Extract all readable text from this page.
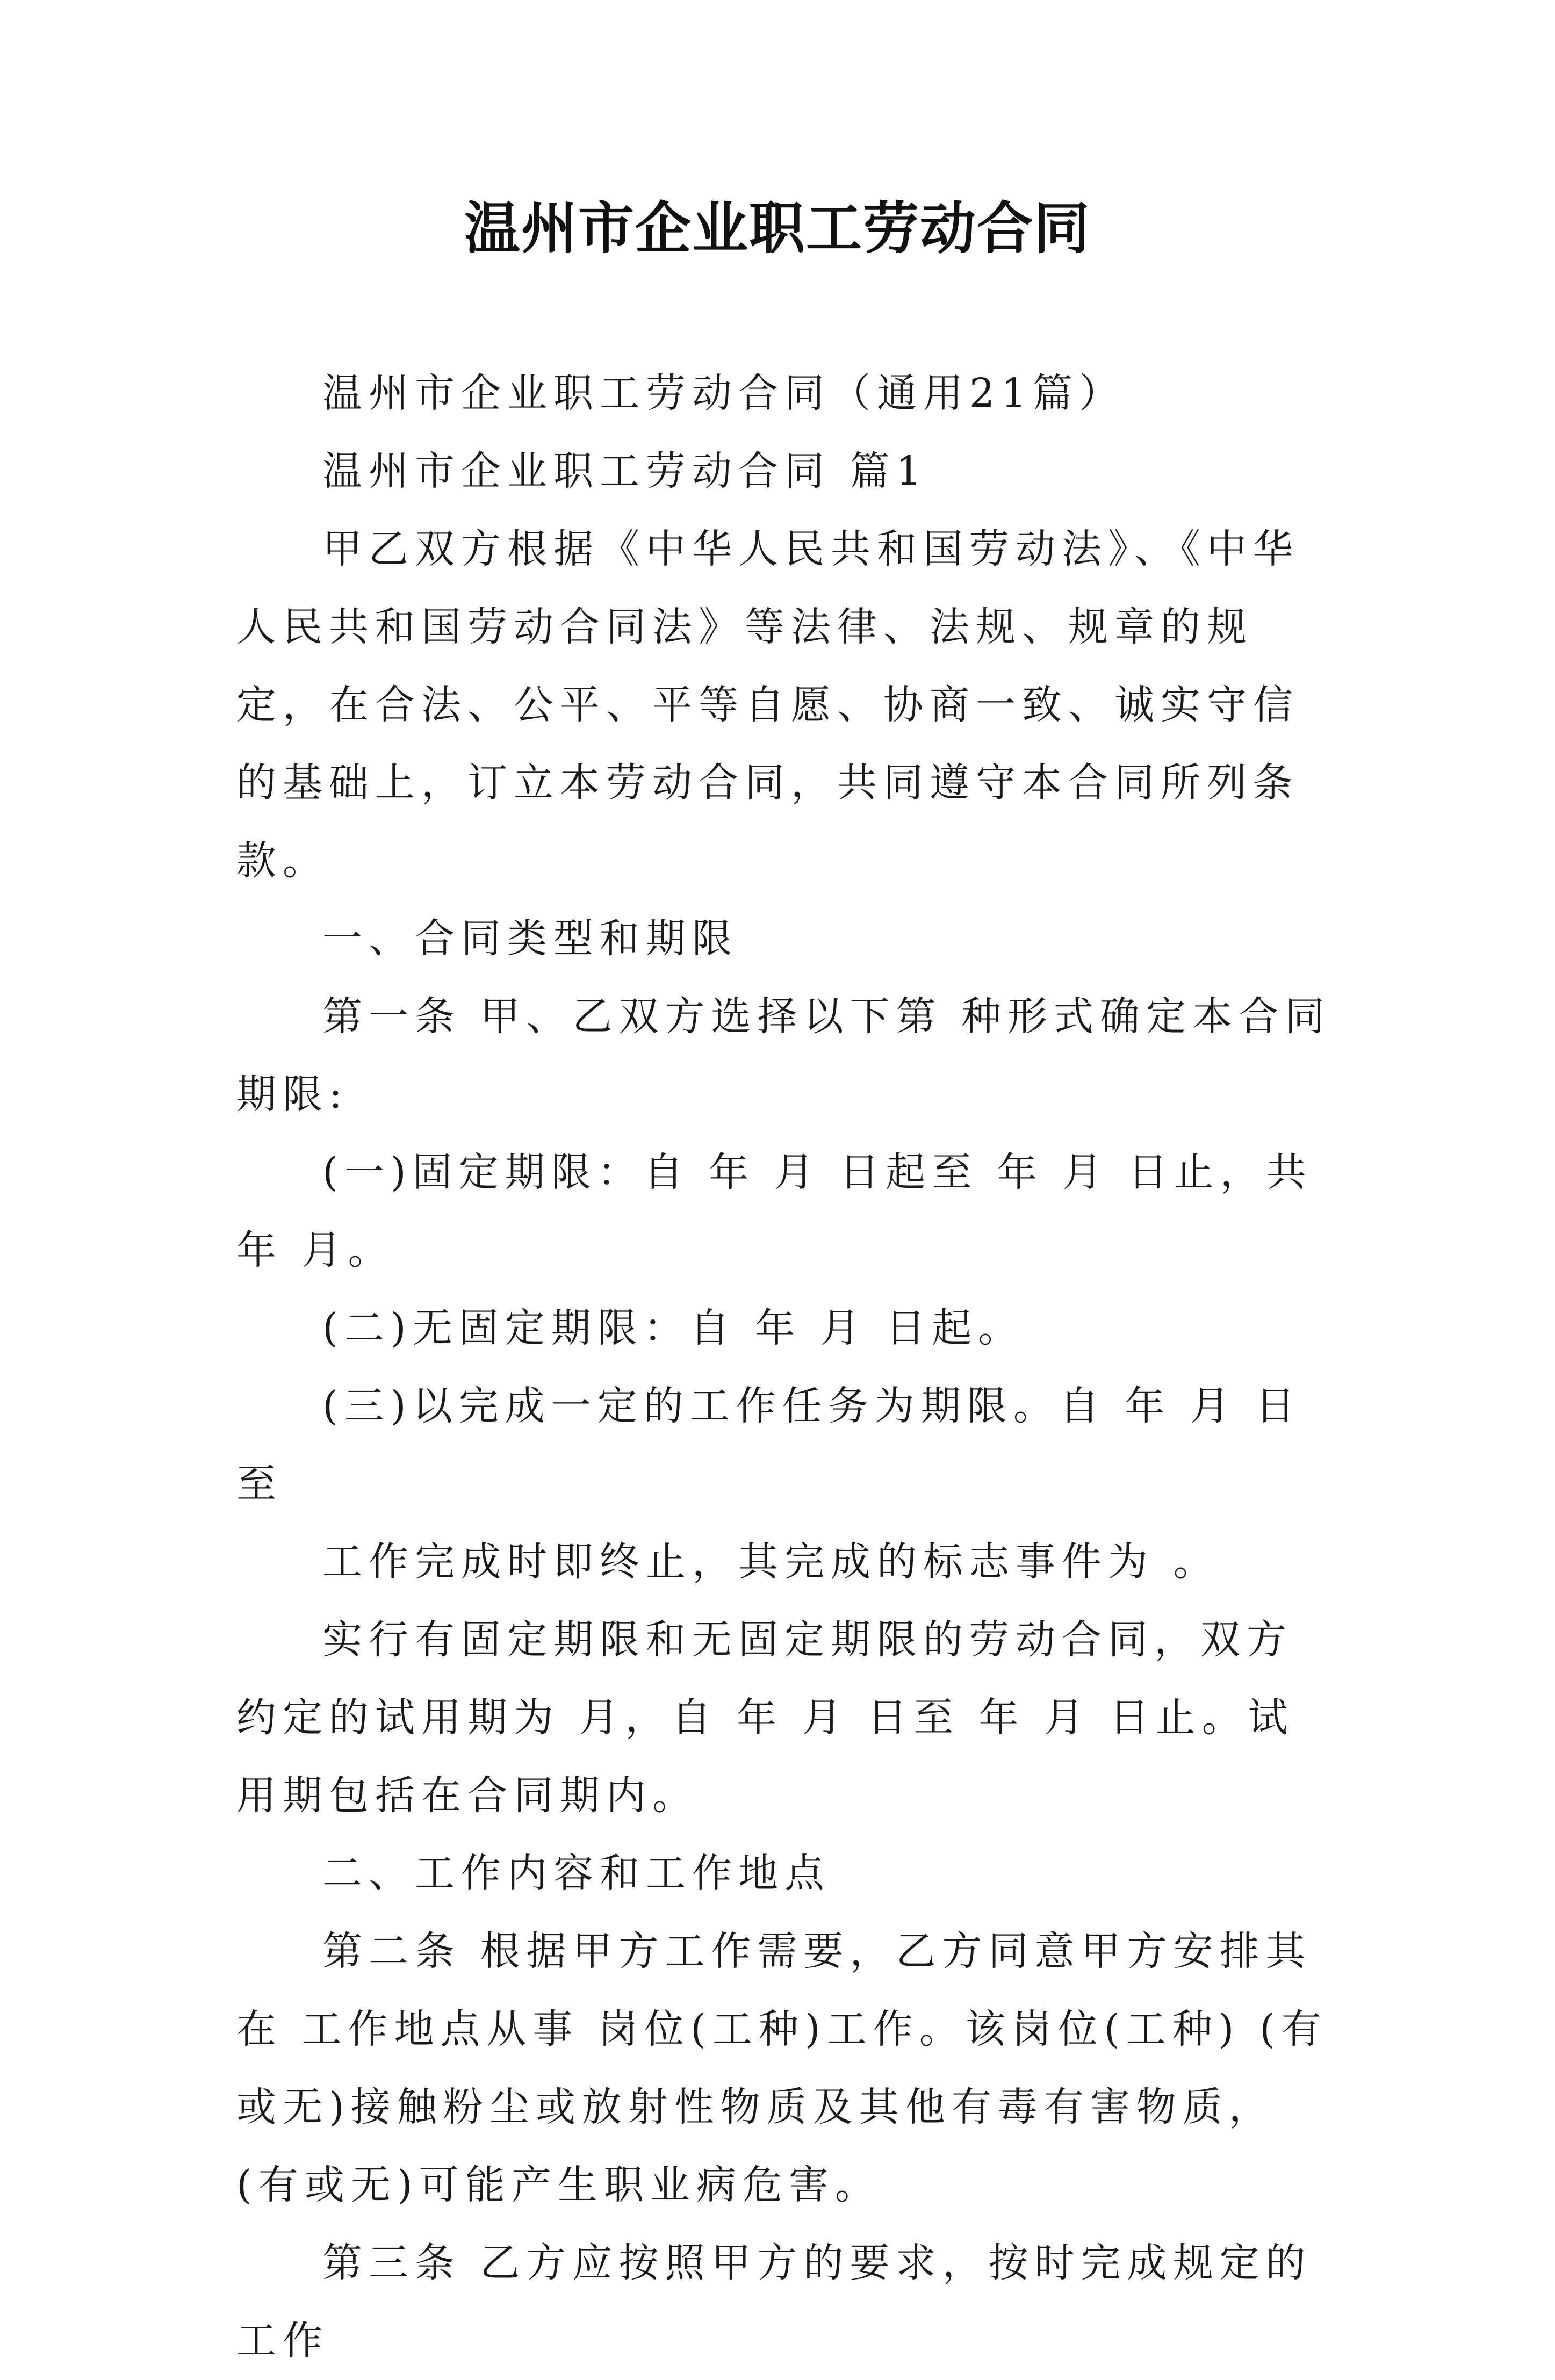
温州市企业职工劳动合同

温州市企业职工劳动合同（通用21篇）

温州市企业职工劳动合同 篇1

甲乙双方根据《中华人民共和国劳动法》、《中华人民共和国劳动合同法》等法律、法规、规章的规定，在合法、公平、平等自愿、协商一致、诚实守信的基础上，订立本劳动合同，共同遵守本合同所列条款。

一、合同类型和期限

第一条 甲、乙双方选择以下第 种形式确定本合同期限:

(一)固定期限：自 年 月 日起至 年 月 日止，共 年 月。

(二)无固定期限：自 年 月 日起。

(三)以完成一定的工作任务为期限。自 年 月 日至

工作完成时即终止，其完成的标志事件为 。

实行有固定期限和无固定期限的劳动合同，双方约定的试用期为 月，自 年 月 日至 年 月 日止。试用期包括在合同期内。

二、工作内容和工作地点

第二条 根据甲方工作需要，乙方同意甲方安排其在 工作地点从事 岗位(工种)工作。该岗位(工种) (有或无)接触粉尘或放射性物质及其他有毒有害物质， (有或无)可能产生职业病危害。

第三条 乙方应按照甲方的要求，按时完成规定的工作
